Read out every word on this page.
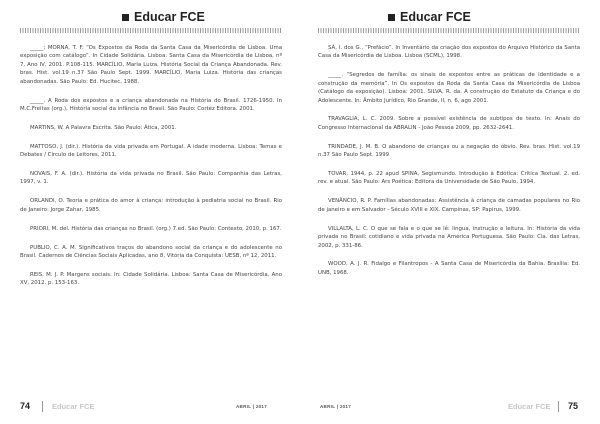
Educar FCE

_____; MORNA, T. F. “Os Expostos da Roda da Santa Casa da Misericórdia de Lisboa. Uma exposição com catálogo”. In Cidade Solidária. Lisboa: Santa Casa da Misericórdia de Lisboa, nº 7, Ano IV, 2001. P.108-115. MARCÍLIO, Maria Luiza. História Social da Criança Abandonada. Rev. bras. Hist. vol.19 n.37 São Paulo Sept. 1999. MARCÍLIO, Maria Luiza. História das crianças abandonadas. São Paulo: Ed. Hucitec, 1988.

_____. A Roda dos expostos e a criança abandonada na História do Brasil. 1726-1950. In M.C.Freitas (org.), História social da infância no Brasil. São Paulo: Cortez Editora. 2001.

MARTINS, W. A Palavra Escrita. São Paulo: Ática, 2001.

MATTOSO, J. (dir.). História da vida privada em Portugal. A idade moderna. Lisboa: Temas e Debates / Círculo de Leitores, 2011.

NOVAIS, F. A. (dir.). História da vida privada no Brasil. São Paulo: Companhia das Letras, 1997, v. 1.

ORLANDI, O. Teoria e prática do amor à criança: introdução à pediatria social no Brasil. Rio de Janeiro: Jorge Zahar, 1985.

PRIORI, M. del. História das crianças no Brasil. (org.) 7.ed. São Paulo: Contexto, 2010, p. 167.

PUBLIO, C. A. M. Significativos traços do abandono social da criança e do adolescente no Brasil. Cadernos de Ciências Sociais Aplicadas, ano 8, Vitória da Conquista: UESB, nº 12, 2011.

REIS, M. J. P. Margens sociais. In: Cidade Solidária. Lisboa: Santa Casa de Misericórdia, Ano XV, 2012. p. 153-163.

74	Educar FCE	ABRIL | 2017
Educar FCE

SÁ, I. dos G., “Prefácio”. In Inventário da criação dos expostos do Arquivo Histórico da Santa Casa da Misericórdia de Lisboa. Lisboa (SCML), 1998.

_____. “Segredos de família: os sinais de expostos entre as práticas de identidade e a construção da memória”. In Os expostos da Roda da Santa Casa da Misericórdia de Lisboa (Catálogo da exposição). Lisboa: 2001. SILVA, R. da. A construção do Estatuto da Criança e do Adolescente. In: Âmbito Jurídico, Rio Grande, II, n. 6, ago 2001.

TRAVAGLIA, L. C. 2009. Sobre a possível existência de subtipos de texto. In: Anais do Congresso Internacional da ABRALIN - João Pessoa 2009, pp. 2632-2641.

TRINDADE, J. M. B. O abandono de crianças ou a negação do óbvio. Rev. bras. Hist. vol.19 n.37 São Paulo Sept. 1999

TOVAR, 1944, p. 22 apud SPINA, Segismundo. Introdução à Edótica: Crítica Textual. 2. ed. rev. e atual. São Paulo: Ars Poética: Editora da Universidade de São Paulo, 1994.

VENÂNCIO, R. P. Famílias abandonadas: Assistência à criança de camadas populares no Rio de janeiro e em Salvador - Século XVIII e XIX. Campinas, SP: Papirus, 1999.

VILLALTA, L. C. O que se fala e o que se lê: língua, instrução e leitura. In: História da vida privada no Brasil: cotidiano e vida privada na América Portuguesa. São Paulo: Cia. das Letras, 2002, p. 331-86.

WOOD, A. J. R. Fidalgo e Filantropos - A Santa Casa de Misericórdia da Bahia. Brasília: Ed. UNB, 1968.

ABRIL | 2017	Educar FCE 75
